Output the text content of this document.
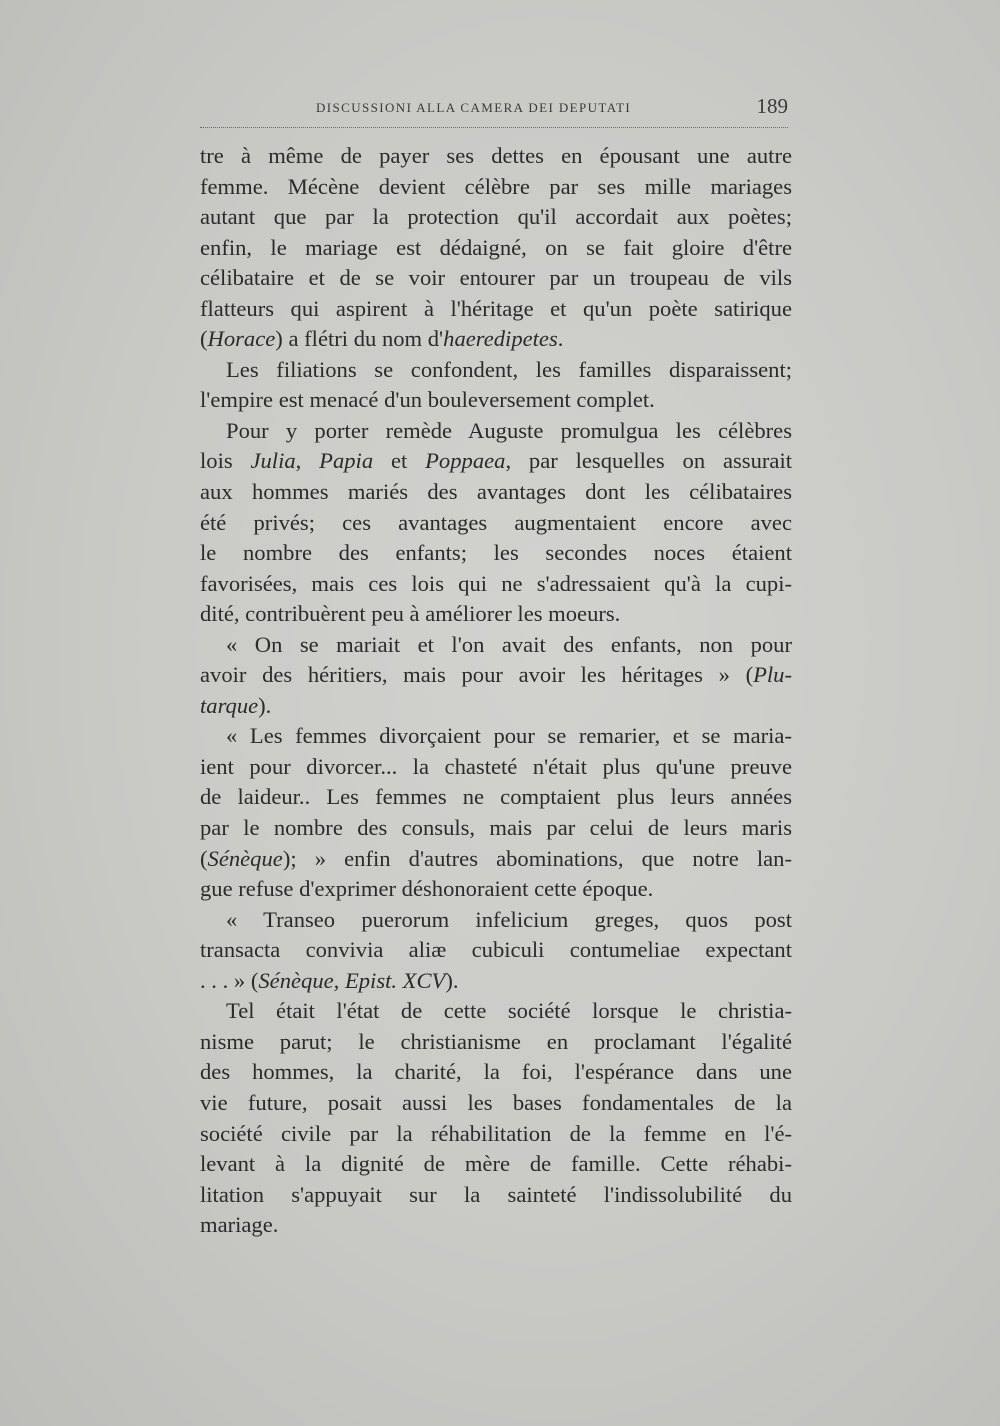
DISCUSSIONI ALLA CAMERA DEI DEPUTATI	189

tre à même de payer ses dettes en épousant une autre
femme. Mécène devient célèbre par ses mille mariages
autant que par la protection qu'il accordait aux poètes;
enfin, le mariage est dédaigné, on se fait gloire d'être
célibataire et de se voir entourer par un troupeau de vils
flatteurs qui aspirent à l'héritage et qu'un poète satirique
(Horace) a flétri du nom d'haeredipetes.

Les filiations se confondent, les familles disparaissent;
l'empire est menacé d'un bouleversement complet.

Pour y porter remède Auguste promulgua les célèbres
lois Julia, Papia et Poppaea, par lesquelles on assurait
aux hommes mariés des avantages dont les célibataires
été privés; ces avantages augmentaient encore avec
le nombre des enfants; les secondes noces étaient
favorisées, mais ces lois qui ne s'adressaient qu'à la cupi-
dité, contribuèrent peu à améliorer les moeurs.

« On se mariait et l'on avait des enfants, non pour
avoir des héritiers, mais pour avoir les héritages » (Plu-
tarque).

« Les femmes divorçaient pour se remarier, et se maria-
ient pour divorcer... la chasteté n'était plus qu'une preuve
de laideur.. Les femmes ne comptaient plus leurs années
par le nombre des consuls, mais par celui de leurs maris
(Sénèque); » enfin d'autres abominations, que notre lan-
gue refuse d'exprimer déshonoraient cette époque.

« Transeo puerorum infelicium greges, quos post
transacta convivia aliæ cubiculi contumeliae expectant
. . . » (Sénèque, Epist. XCV).

Tel était l'état de cette société lorsque le christia-
nisme parut; le christianisme en proclamant l'égalité
des hommes, la charité, la foi, l'espérance dans une
vie future, posait aussi les bases fondamentales de la
société civile par la réhabilitation de la femme en l'é-
levant à la dignité de mère de famille. Cette réhabi-
litation s'appuyait sur la sainteté l'indissolubilité du
mariage.
